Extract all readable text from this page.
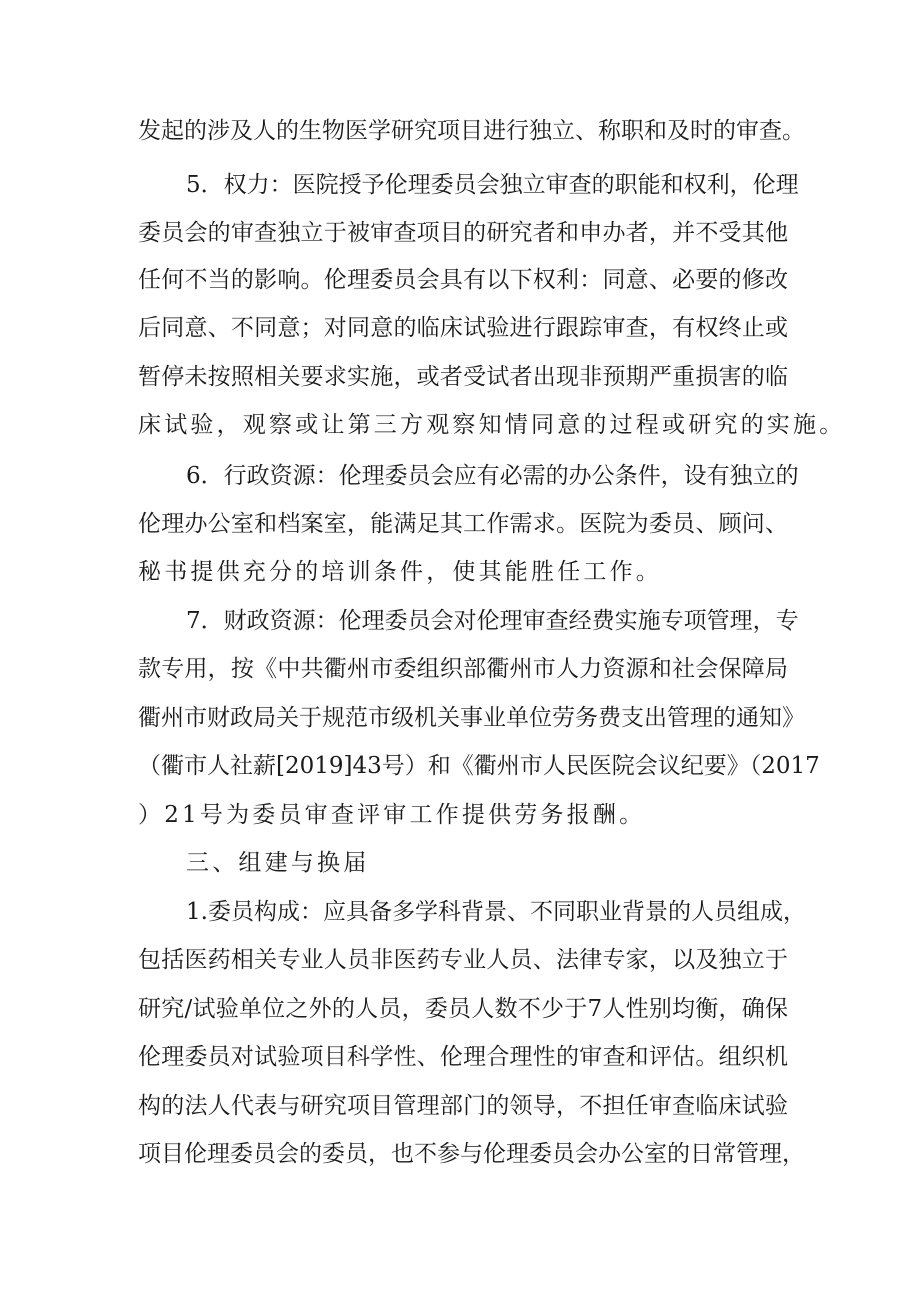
发起的涉及人的生物医学研究项目进行独立、称职和及时的审查。
5．权力：医院授予伦理委员会独立审查的职能和权利，伦理
委员会的审查独立于被审查项目的研究者和申办者，并不受其他
任何不当的影响。伦理委员会具有以下权利：同意、必要的修改
后同意、不同意；对同意的临床试验进行跟踪审查，有权终止或
暂停未按照相关要求实施，或者受试者出现非预期严重损害的临
床试验，观察或让第三方观察知情同意的过程或研究的实施。
6．行政资源：伦理委员会应有必需的办公条件，设有独立的
伦理办公室和档案室，能满足其工作需求。医院为委员、顾问、
秘书提供充分的培训条件，使其能胜任工作。
7．财政资源：伦理委员会对伦理审查经费实施专项管理，专
款专用，按《中共衢州市委组织部衢州市人力资源和社会保障局
衢州市财政局关于规范市级机关事业单位劳务费支出管理的通知》
（衢市人社薪[2019]43号）和《衢州市人民医院会议纪要》（2017
）21号为委员审查评审工作提供劳务报酬。
三、组建与换届
1.委员构成：应具备多学科背景、不同职业背景的人员组成，
包括医药相关专业人员非医药专业人员、法律专家，以及独立于
研究/试验单位之外的人员，委员人数不少于7人性别均衡，确保
伦理委员对试验项目科学性、伦理合理性的审查和评估。组织机
构的法人代表与研究项目管理部门的领导，不担任审查临床试验
项目伦理委员会的委员，也不参与伦理委员会办公室的日常管理，
